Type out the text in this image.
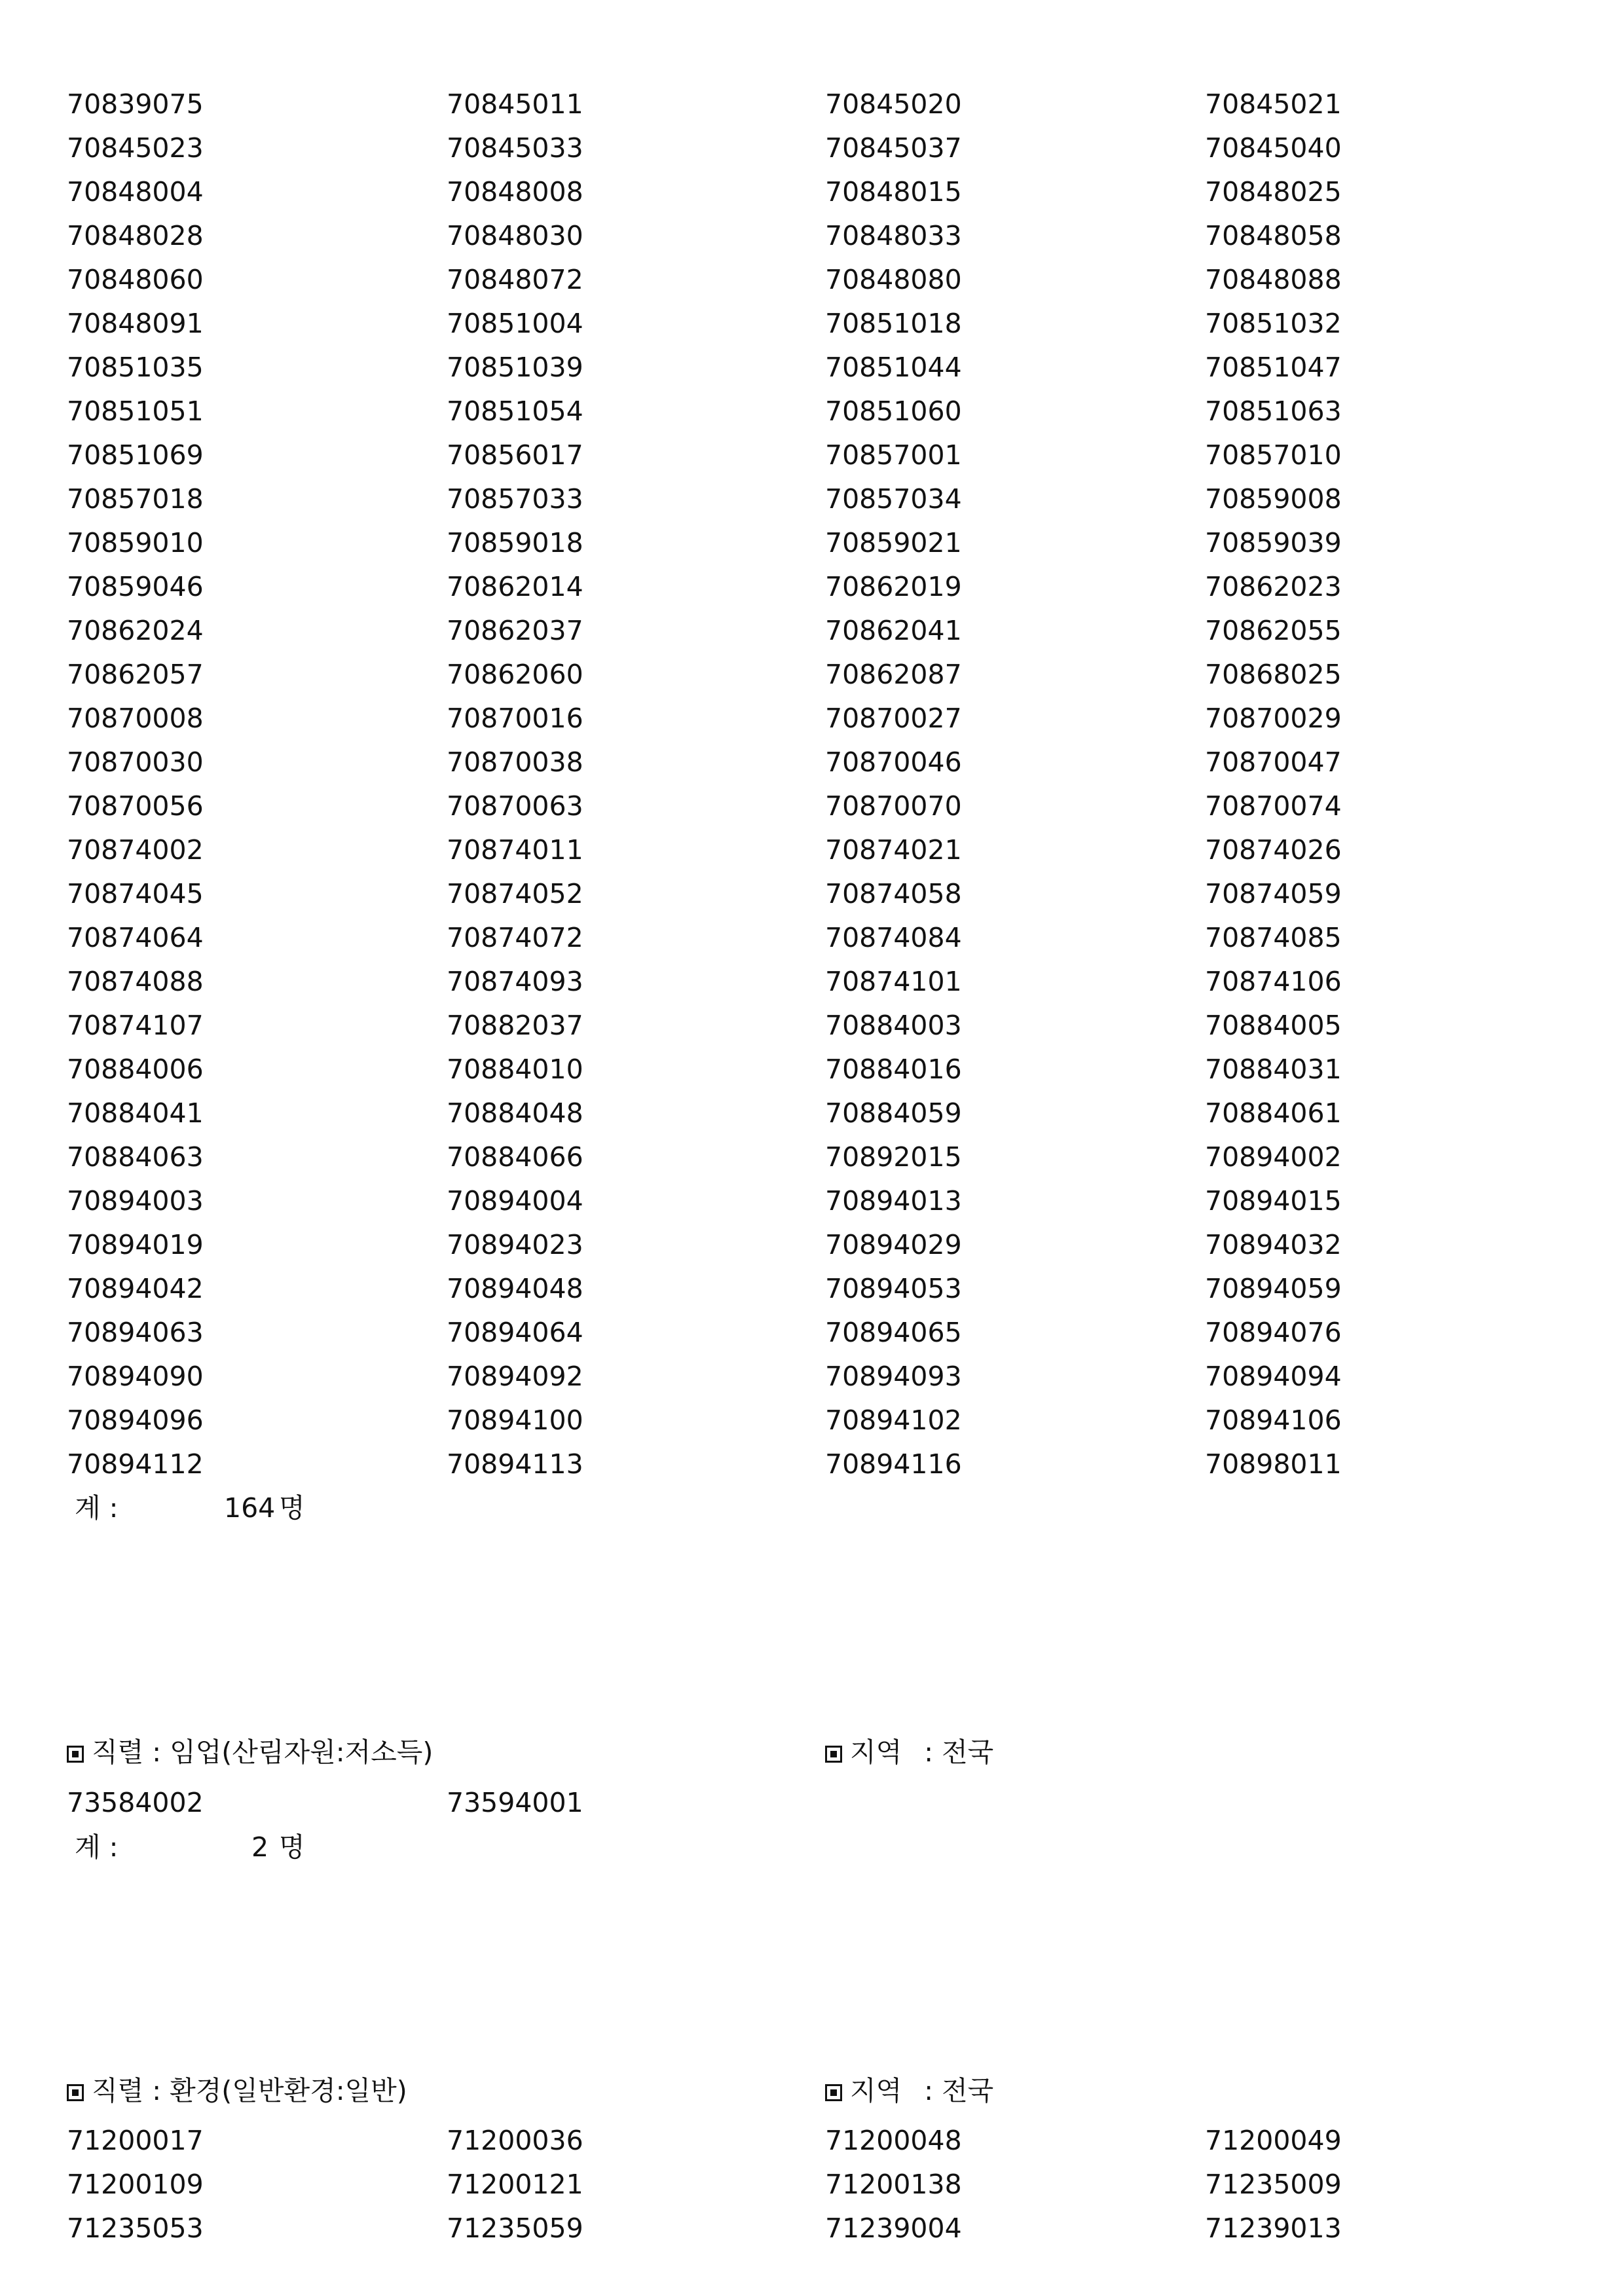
70839075	70845011	70845020	70845021
70845023	70845033	70845037	70845040
70848004	70848008	70848015	70848025
70848028	70848030	70848033	70848058
70848060	70848072	70848080	70848088
70848091	70851004	70851018	70851032
70851035	70851039	70851044	70851047
70851051	70851054	70851060	70851063
70851069	70856017	70857001	70857010
70857018	70857033	70857034	70859008
70859010	70859018	70859021	70859039
70859046	70862014	70862019	70862023
70862024	70862037	70862041	70862055
70862057	70862060	70862087	70868025
70870008	70870016	70870027	70870029
70870030	70870038	70870046	70870047
70870056	70870063	70870070	70870074
70874002	70874011	70874021	70874026
70874045	70874052	70874058	70874059
70874064	70874072	70874084	70874085
70874088	70874093	70874101	70874106
70874107	70882037	70884003	70884005
70884006	70884010	70884016	70884031
70884041	70884048	70884059	70884061
70884063	70884066	70892015	70894002
70894003	70894004	70894013	70894015
70894019	70894023	70894029	70894032
70894042	70894048	70894053	70894059
70894063	70894064	70894065	70894076
70894090	70894092	70894093	70894094
70894096	70894100	70894102	70894106
70894112	70894113	70894116	70898011
계 :	164 명
직렬 : 임업(산림자원:저소득)	지역 : 전국
73584002	73594001
계 :	2 명
직렬 : 환경(일반환경:일반)	지역 : 전국
71200017	71200036	71200048	71200049
71200109	71200121	71200138	71235009
71235053	71235059	71239004	71239013
